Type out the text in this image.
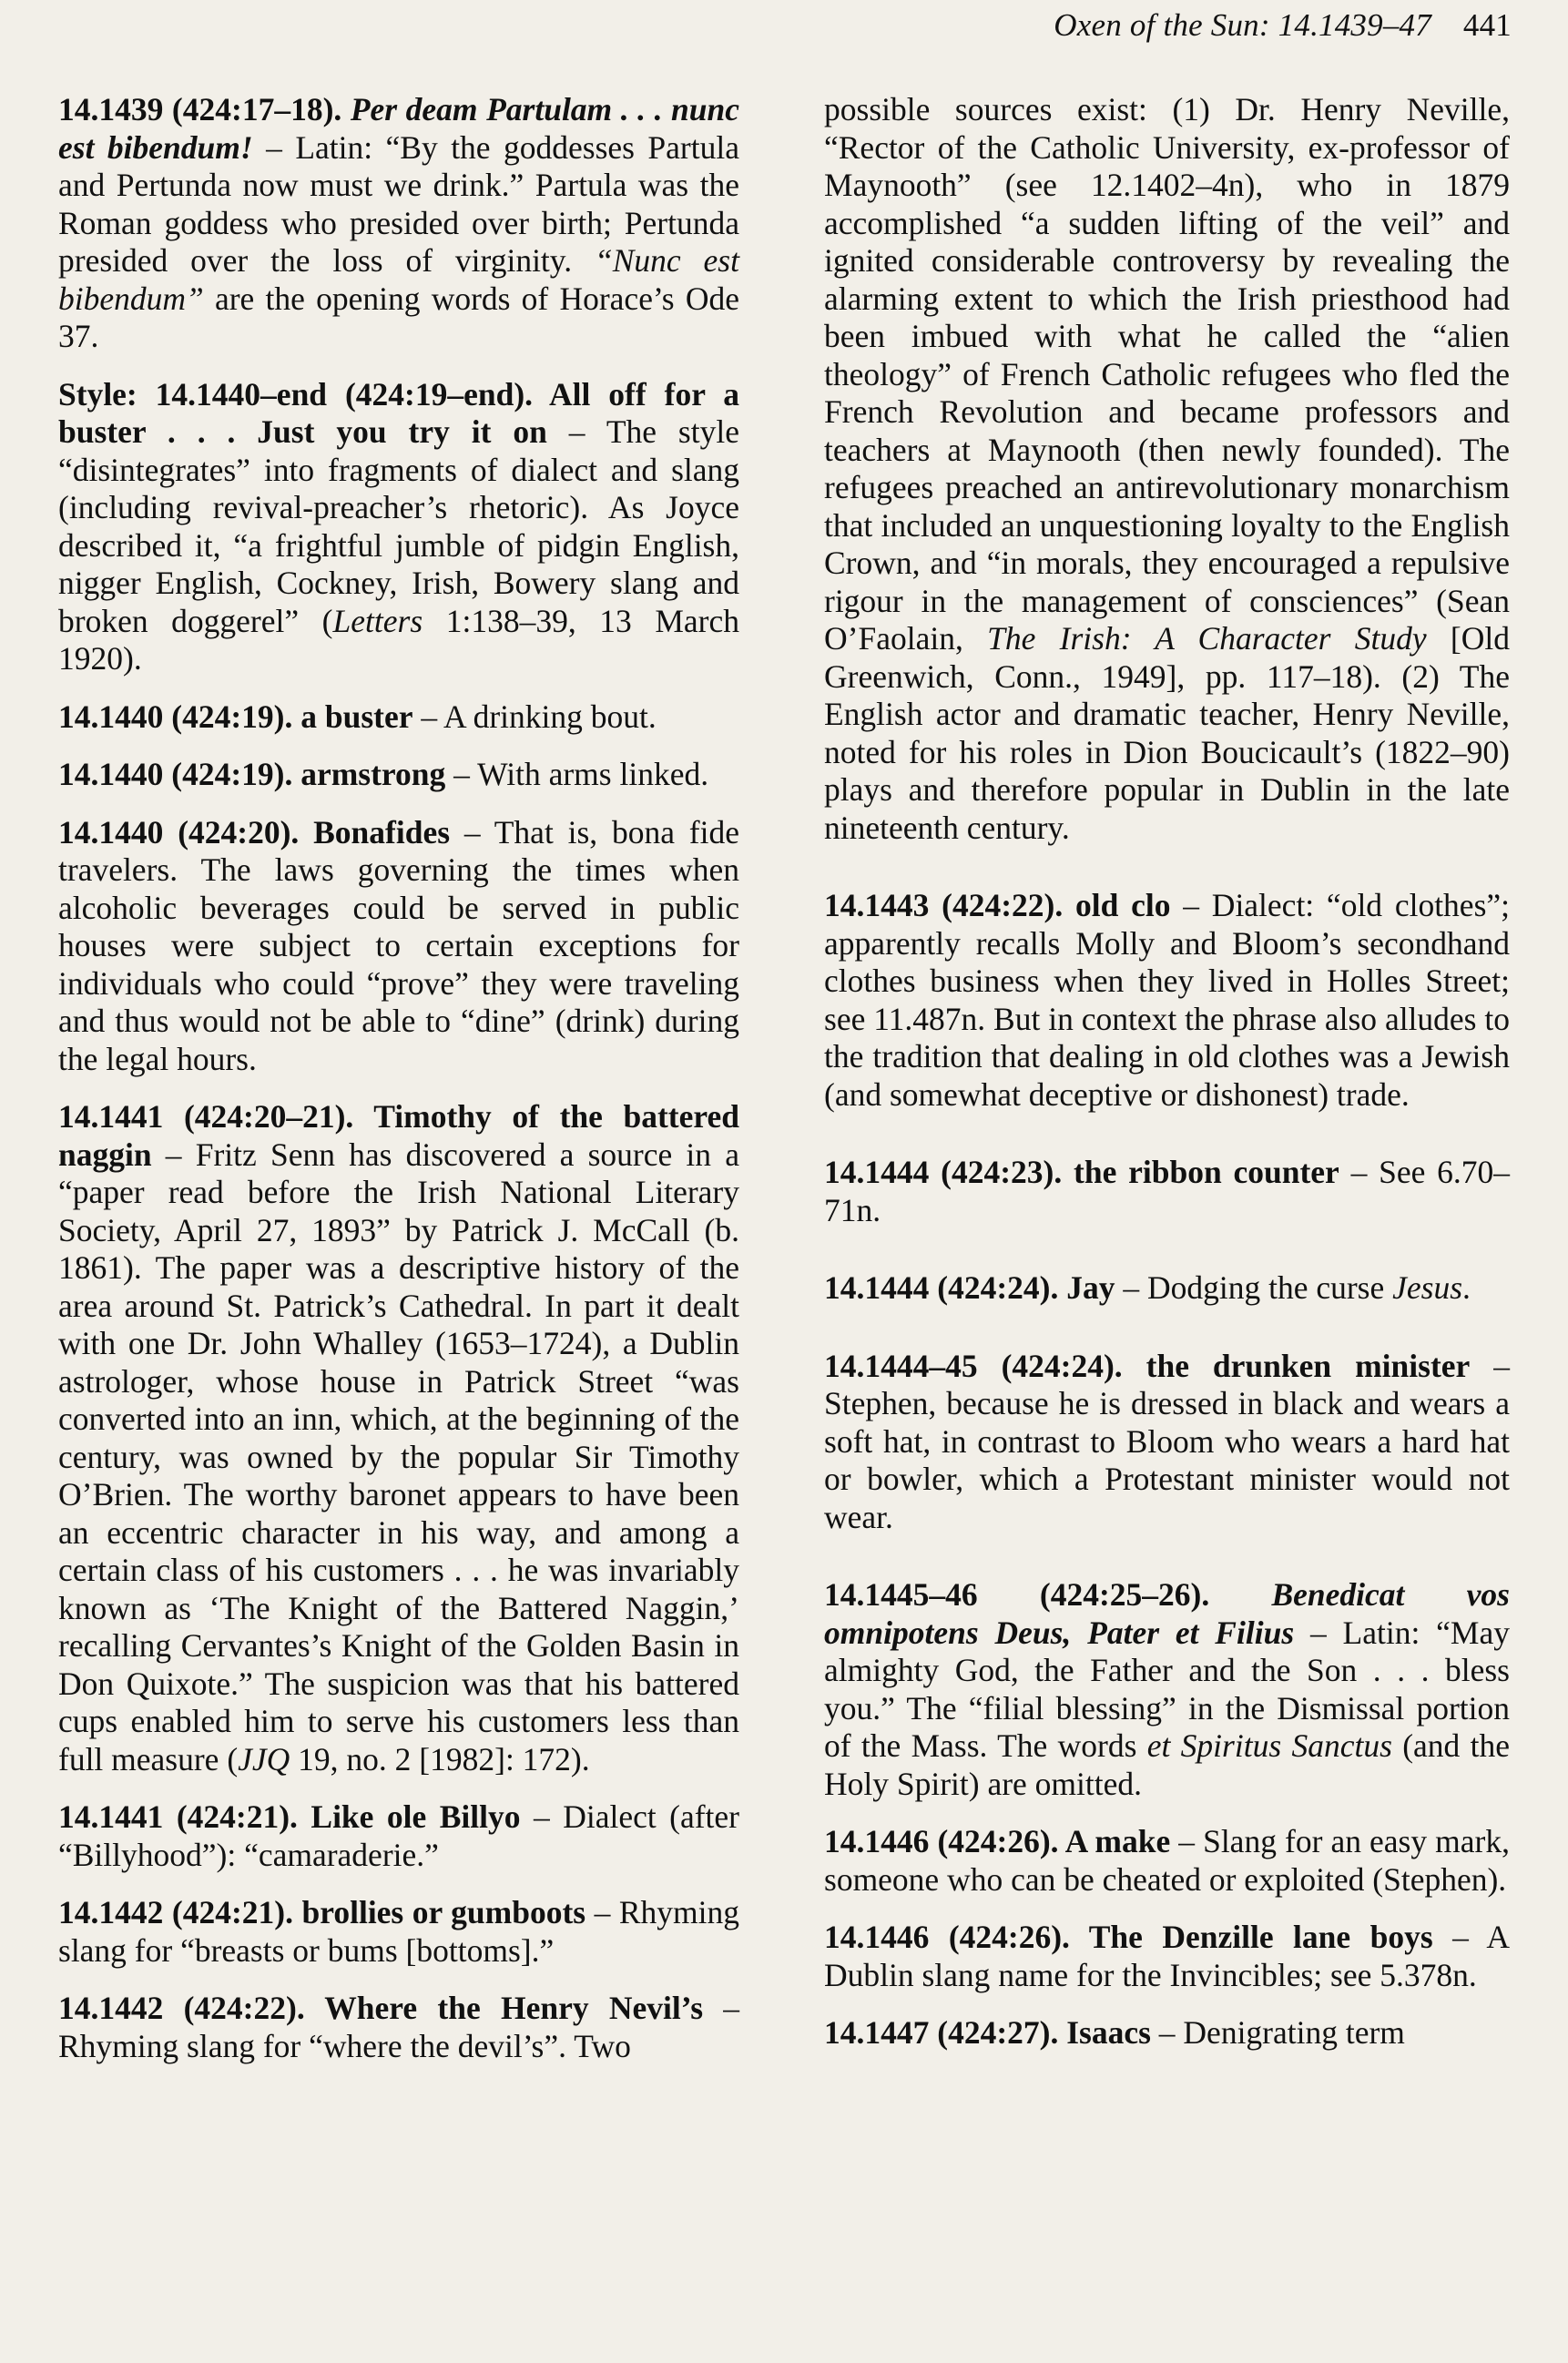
Oxen of the Sun: 14.1439–47 441

14.1439 (424:17–18). Per deam Partulam . . . nunc est bibendum! – Latin: “By the goddesses Partula and Pertunda now must we drink.” Partula was the Roman goddess who presided over birth; Pertunda presided over the loss of virginity. “Nunc est bibendum” are the opening words of Horace’s Ode 37.

Style: 14.1440–end (424:19–end). All off for a buster . . . Just you try it on – The style “disintegrates” into fragments of dialect and slang (including revival-preacher’s rhetoric). As Joyce described it, “a frightful jumble of pidgin English, nigger English, Cockney, Irish, Bowery slang and broken doggerel” (Letters 1:138–39, 13 March 1920).

14.1440 (424:19). a buster – A drinking bout.

14.1440 (424:19). armstrong – With arms linked.

14.1440 (424:20). Bonafides – That is, bona fide travelers. The laws governing the times when alcoholic beverages could be served in public houses were subject to certain exceptions for individuals who could “prove” they were traveling and thus would not be able to “dine” (drink) during the legal hours.

14.1441 (424:20–21). Timothy of the battered naggin – Fritz Senn has discovered a source in a “paper read before the Irish National Literary Society, April 27, 1893” by Patrick J. McCall (b. 1861). The paper was a descriptive history of the area around St. Patrick’s Cathedral. In part it dealt with one Dr. John Whalley (1653–1724), a Dublin astrologer, whose house in Patrick Street “was converted into an inn, which, at the beginning of the century, was owned by the popular Sir Timothy O’Brien. The worthy baronet appears to have been an eccentric character in his way, and among a certain class of his customers . . . he was invariably known as ‘The Knight of the Battered Naggin,’ recalling Cervantes’s Knight of the Golden Basin in Don Quixote.” The suspicion was that his battered cups enabled him to serve his customers less than full measure (JJQ 19, no. 2 [1982]: 172).

14.1441 (424:21). Like ole Billyo – Dialect (after “Billyhood”): “camaraderie.”

14.1442 (424:21). brollies or gumboots – Rhyming slang for “breasts or bums [bottoms].”

14.1442 (424:22). Where the Henry Nevil’s – Rhyming slang for “where the devil’s”. Two

possible sources exist: (1) Dr. Henry Neville, “Rector of the Catholic University, ex-professor of Maynooth” (see 12.1402–4n), who in 1879 accomplished “a sudden lifting of the veil” and ignited considerable controversy by revealing the alarming extent to which the Irish priesthood had been imbued with what he called the “alien theology” of French Catholic refugees who fled the French Revolution and became professors and teachers at Maynooth (then newly founded). The refugees preached an antirevolutionary monarchism that included an unquestioning loyalty to the English Crown, and “in morals, they encouraged a repulsive rigour in the management of consciences” (Sean O’Faolain, The Irish: A Character Study [Old Greenwich, Conn., 1949], pp. 117–18). (2) The English actor and dramatic teacher, Henry Neville, noted for his roles in Dion Boucicault’s (1822–90) plays and therefore popular in Dublin in the late nineteenth century.

14.1443 (424:22). old clo – Dialect: “old clothes”; apparently recalls Molly and Bloom’s secondhand clothes business when they lived in Holles Street; see 11.487n. But in context the phrase also alludes to the tradition that dealing in old clothes was a Jewish (and somewhat deceptive or dishonest) trade.

14.1444 (424:23). the ribbon counter – See 6.70–71n.

14.1444 (424:24). Jay – Dodging the curse Jesus.

14.1444–45 (424:24). the drunken minister – Stephen, because he is dressed in black and wears a soft hat, in contrast to Bloom who wears a hard hat or bowler, which a Protestant minister would not wear.

14.1445–46 (424:25–26). Benedicat vos omnipotens Deus, Pater et Filius – Latin: “May almighty God, the Father and the Son . . . bless you.” The “filial blessing” in the Dismissal portion of the Mass. The words et Spiritus Sanctus (and the Holy Spirit) are omitted.

14.1446 (424:26). A make – Slang for an easy mark, someone who can be cheated or exploited (Stephen).

14.1446 (424:26). The Denzille lane boys – A Dublin slang name for the Invincibles; see 5.378n.

14.1447 (424:27). Isaacs – Denigrating term
